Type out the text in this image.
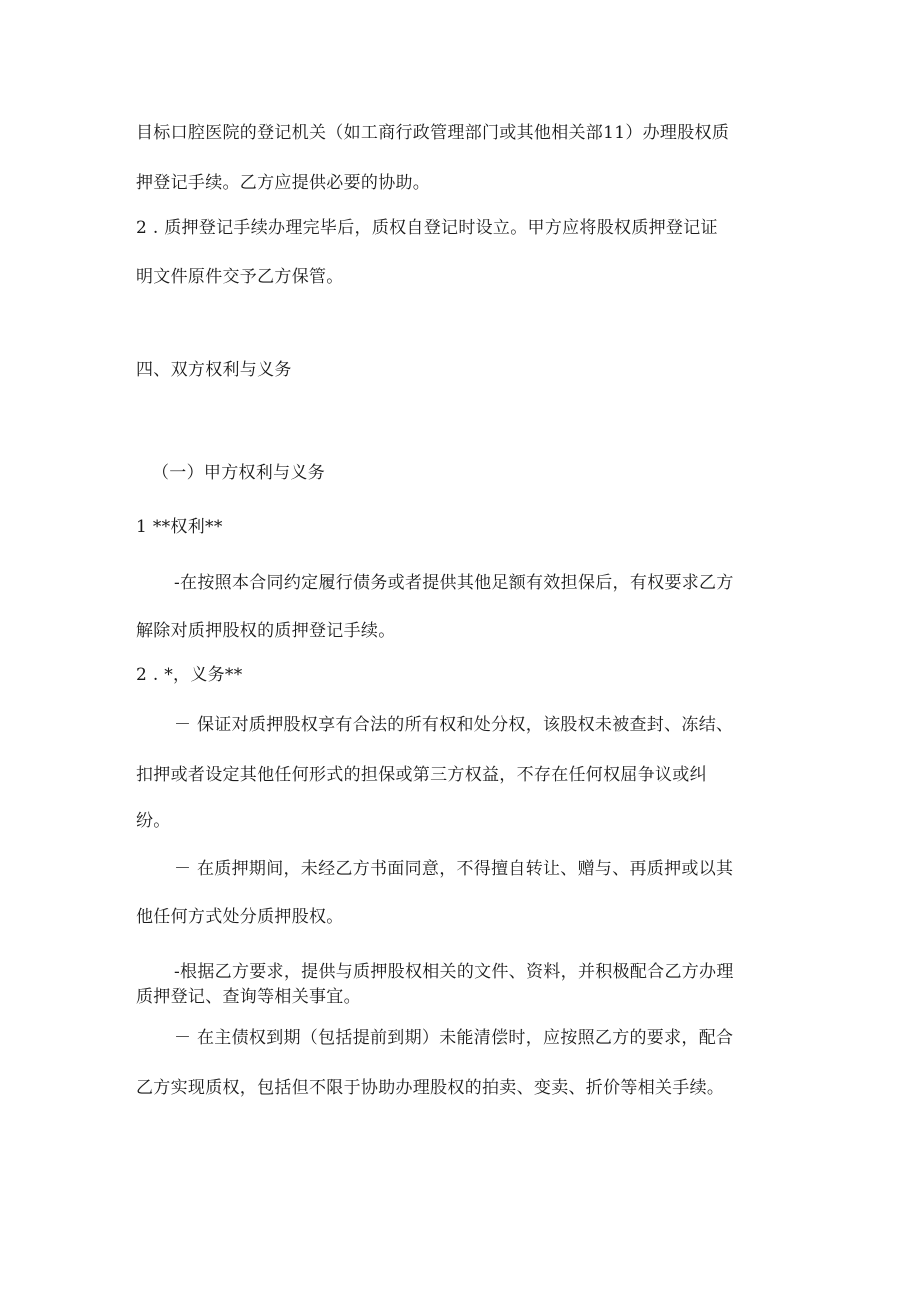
目标口腔医院的登记机关（如工商行政管理部门或其他相关部11）办理股权质
押登记手续。乙方应提供必要的协助。
2 . 质押登记手续办理完毕后，质权自登记时设立。甲方应将股权质押登记证
明文件原件交予乙方保管。
四、双方权利与义务
（一）甲方权利与义务
1 **权利**
-在按照本合同约定履行债务或者提供其他足额有效担保后，有权要求乙方
解除对质押股权的质押登记手续。
2 . *，义务**
－ 保证对质押股权享有合法的所有权和处分权，该股权未被查封、冻结、
扣押或者设定其他任何形式的担保或第三方权益，不存在任何权屈争议或纠
纷。
－ 在质押期间，未经乙方书面同意，不得擅自转让、赠与、再质押或以其
他任何方式处分质押股权。
-根据乙方要求，提供与质押股权相关的文件、资料，并积极配合乙方办理
质押登记、查询等相关事宜。
－ 在主债权到期（包括提前到期）未能清偿时，应按照乙方的要求，配合
乙方实现质权，包括但不限于协助办理股权的拍卖、变卖、折价等相关手续。
